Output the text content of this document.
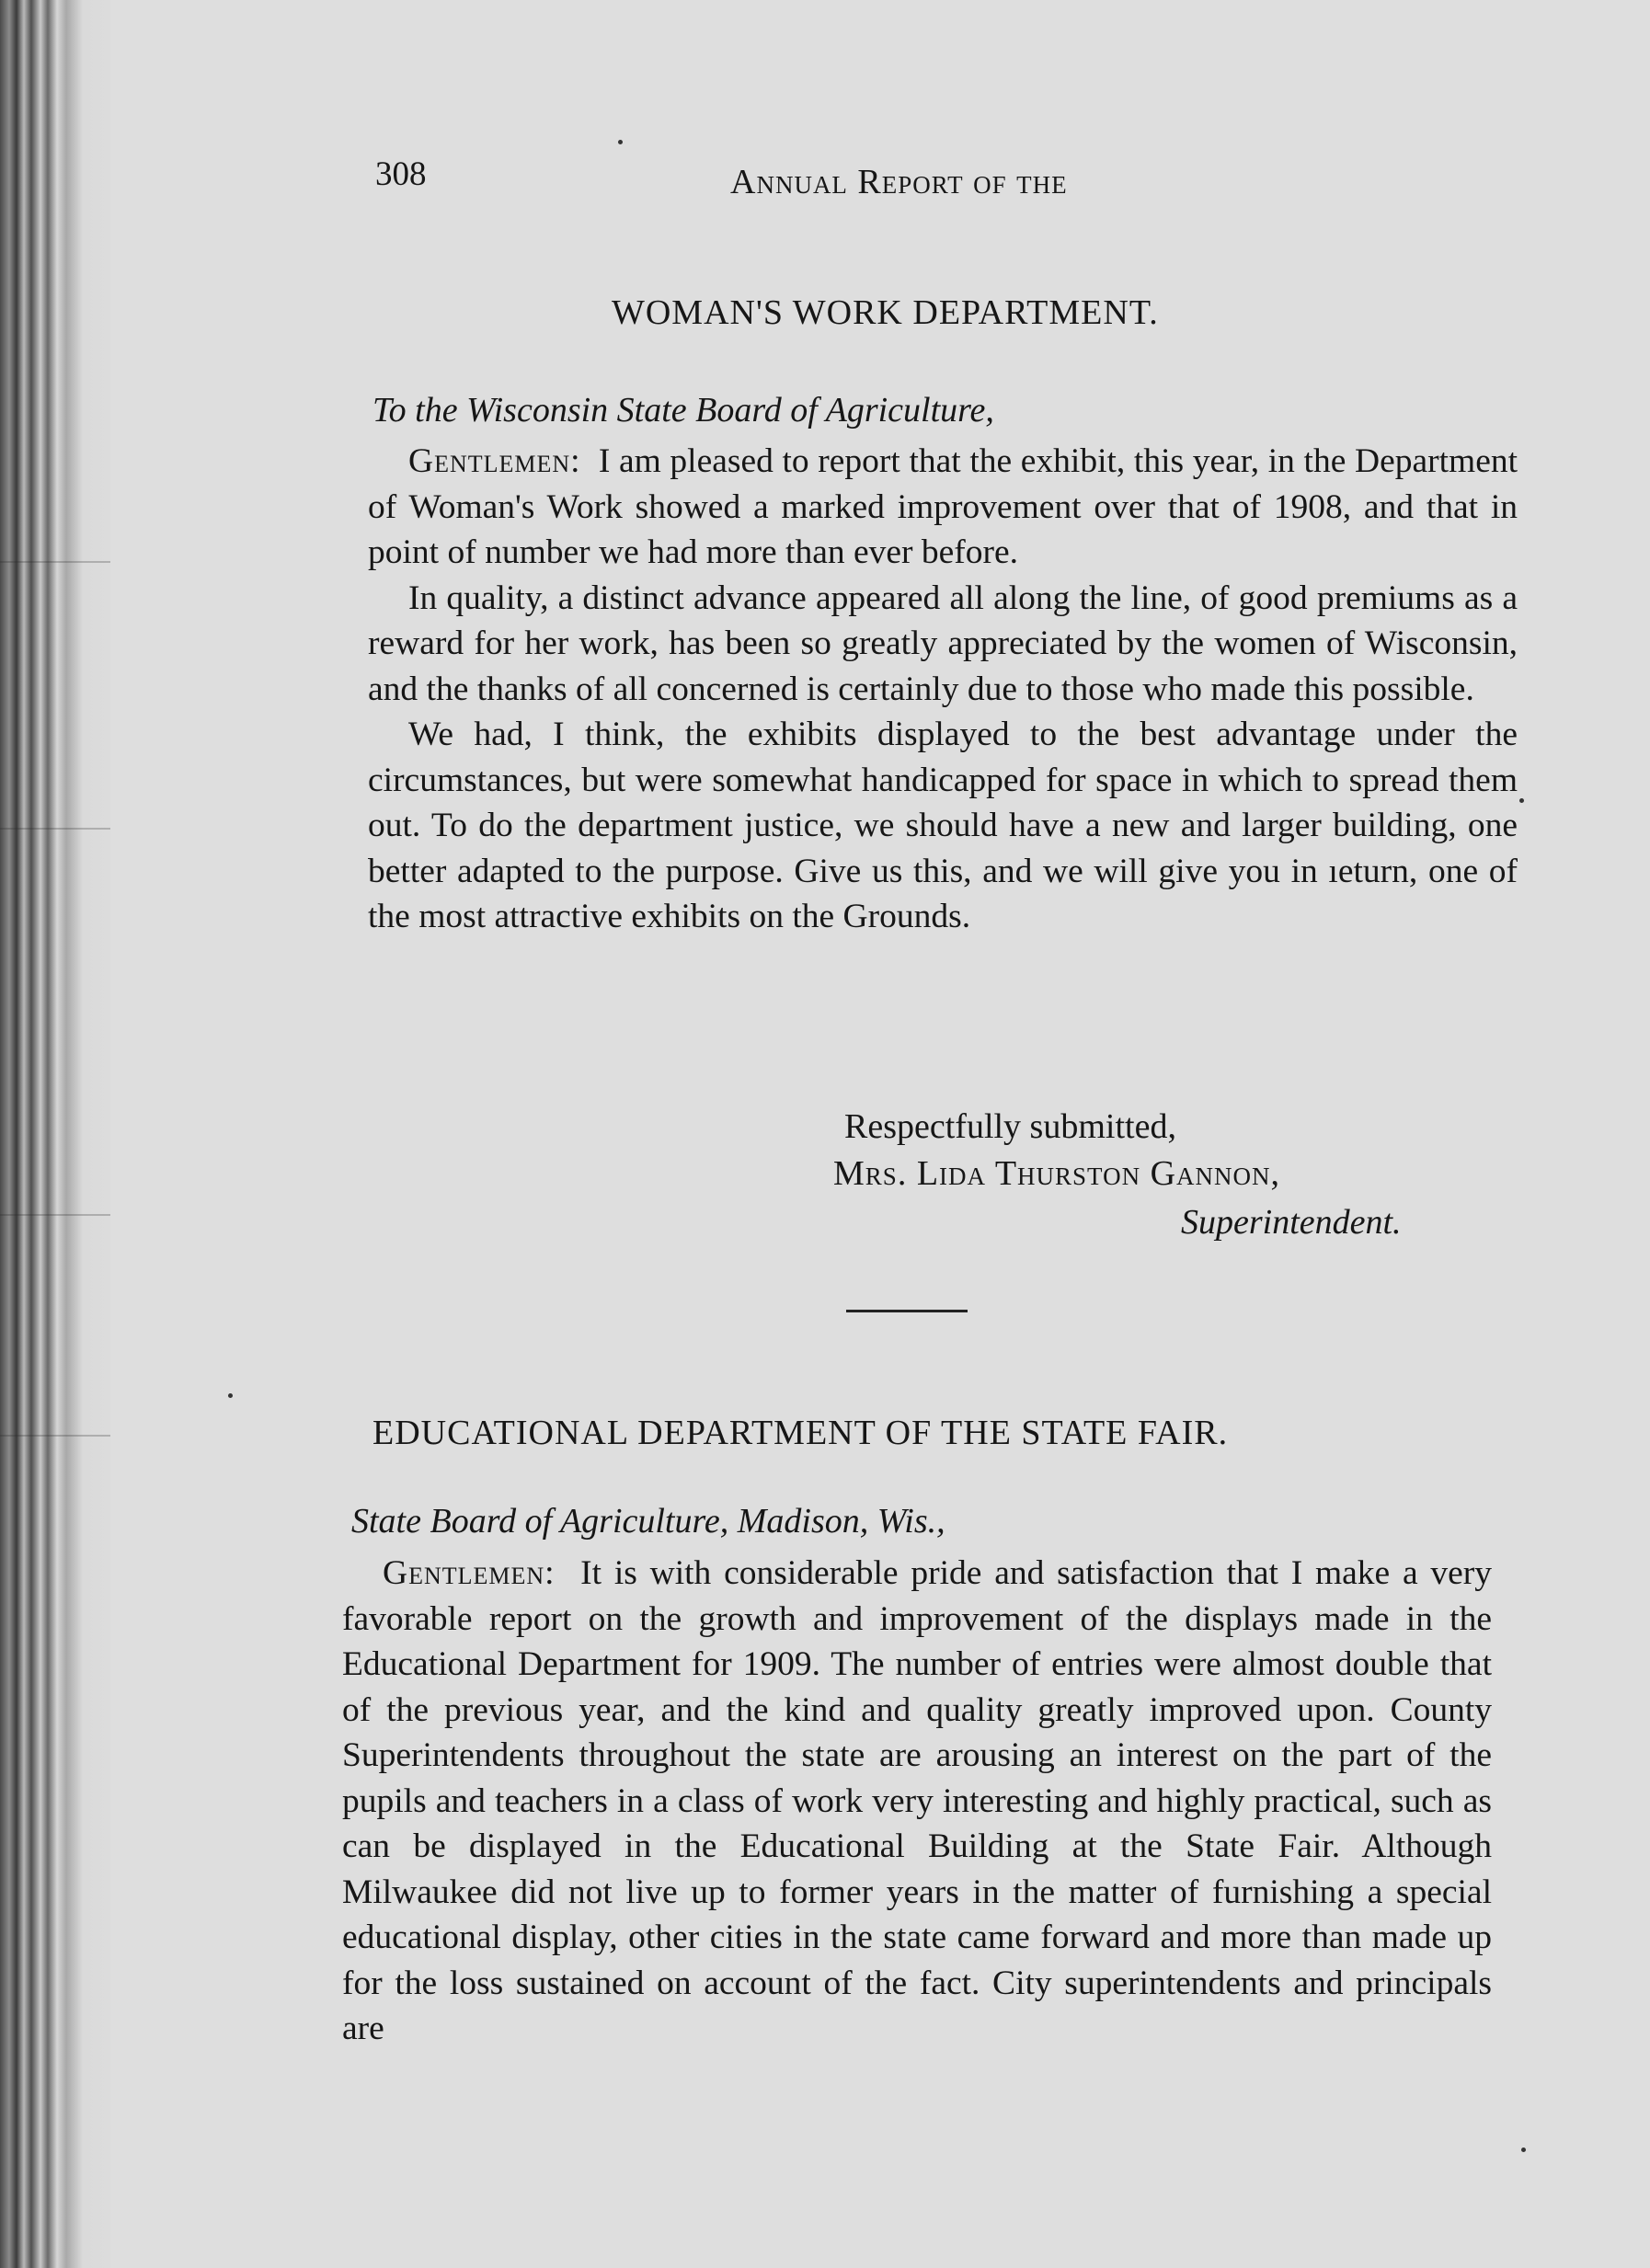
308	Annual Report of the
WOMAN'S WORK DEPARTMENT.
To the Wisconsin State Board of Agriculture,

Gentlemen: I am pleased to report that the exhibit, this year, in the Department of Woman's Work showed a marked improvement over that of 1908, and that in point of number we had more than ever before.

In quality, a distinct advance appeared all along the line, of good premiums as a reward for her work, has been so greatly appreciated by the women of Wisconsin, and the thanks of all concerned is certainly due to those who made this possible.

We had, I think, the exhibits displayed to the best advantage under the circumstances, but were somewhat handicapped for space in which to spread them out. To do the department justice, we should have a new and larger building, one better adapted to the purpose. Give us this, and we will give you in ıeturn, one of the most attractive exhibits on the Grounds.

Respectfully submitted,
Mrs. Lida Thurston Gannon,
Superintendent.
EDUCATIONAL DEPARTMENT OF THE STATE FAIR.
State Board of Agriculture, Madison, Wis.,

Gentlemen: It is with considerable pride and satisfaction that I make a very favorable report on the growth and improvement of the displays made in the Educational Department for 1909. The number of entries were almost double that of the previous year, and the kind and quality greatly improved upon. County Superintendents throughout the state are arousing an interest on the part of the pupils and teachers in a class of work very interesting and highly practical, such as can be displayed in the Educational Building at the State Fair. Although Milwaukee did not live up to former years in the matter of furnishing a special educational display, other cities in the state came forward and more than made up for the loss sustained on account of the fact. City superintendents and principals are
